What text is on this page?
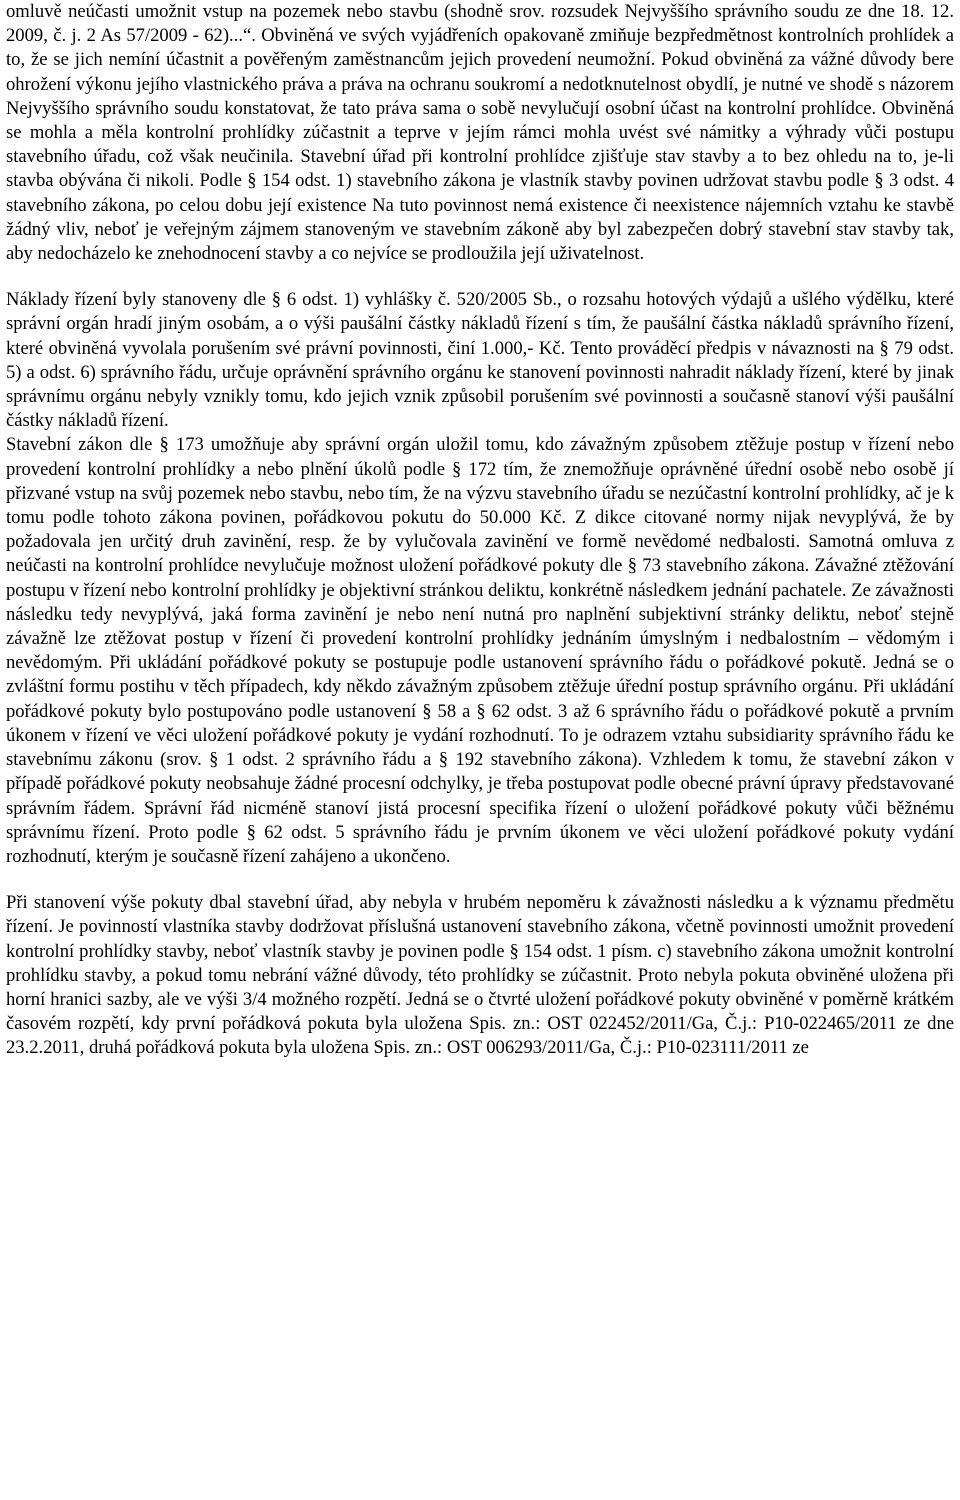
omluvě neúčasti umožnit vstup na pozemek nebo stavbu (shodně srov. rozsudek Nejvyššího správního soudu ze dne 18. 12. 2009, č. j. 2 As 57/2009 - 62)...“. Obviněná ve svých vyjádřeních opakovaně zmiňuje bezpředmětnost kontrolních prohlídek a to, že se jich nemíní účastnit a pověřeným zaměstnancům jejich provedení neumožní. Pokud obviněná za vážné důvody bere ohrožení výkonu jejího vlastnického práva a práva na ochranu soukromí a nedotknutelnost obydlí, je nutné ve shodě s názorem Nejvyššího správního soudu konstatovat, že tato práva sama o sobě nevylučují osobní účast na kontrolní prohlídce. Obviněná se mohla a měla kontrolní prohlídky zúčastnit a teprve v jejím rámci mohla uvést své námitky a výhrady vůči postupu stavebního úřadu, což však neučinila. Stavební úřad při kontrolní prohlídce zjišťuje stav stavby a to bez ohledu na to, je-li stavba obývána či nikoli. Podle § 154 odst. 1) stavebního zákona je vlastník stavby povinen udržovat stavbu podle § 3 odst. 4 stavebního zákona, po celou dobu její existence Na tuto povinnost nemá existence či neexistence nájemních vztahu ke stavbě žádný vliv, neboť je veřejným zájmem stanoveným ve stavebním zákoně aby byl zabezpečen dobrý stavební stav stavby tak, aby nedocházelo ke znehodnocení stavby a co nejvíce se prodloužila její uživatelnost.

Náklady řízení byly stanoveny dle § 6 odst. 1) vyhlášky č. 520/2005 Sb., o rozsahu hotových výdajů a ušlého výdělku, které správní orgán hradí jiným osobám, a o výši paušální částky nákladů řízení s tím, že paušální částka nákladů správního řízení, které obviněná vyvolala porušením své právní povinnosti, činí 1.000,- Kč. Tento prováděcí předpis v návaznosti na § 79 odst. 5) a odst. 6) správního řádu, určuje oprávnění správního orgánu ke stanovení povinnosti nahradit náklady řízení, které by jinak správnímu orgánu nebyly vznikly tomu, kdo jejich vznik způsobil porušením své povinnosti a současně stanoví výši paušální částky nákladů řízení.

Stavební zákon dle § 173 umožňuje aby správní orgán uložil tomu, kdo závažným způsobem ztěžuje postup v řízení nebo provedení kontrolní prohlídky a nebo plnění úkolů podle § 172 tím, že znemožňuje oprávněné úřední osobě nebo osobě jí přizvané vstup na svůj pozemek nebo stavbu, nebo tím, že na výzvu stavebního úřadu se nezúčastní kontrolní prohlídky, ač je k tomu podle tohoto zákona povinen, pořádkovou pokutu do 50.000 Kč. Z dikce citované normy nijak nevyplývá, že by požadovala jen určitý druh zavinění, resp. že by vylučovala zavinění ve formě nevědomé nedbalosti. Samotná omluva z neúčasti na kontrolní prohlídce nevylučuje možnost uložení pořádkové pokuty dle § 73 stavebního zákona. Závažné ztěžování postupu v řízení nebo kontrolní prohlídky je objektivní stránkou deliktu, konkrétně následkem jednání pachatele. Ze závažnosti následku tedy nevyplývá, jaká forma zavinění je nebo není nutná pro naplnění subjektivní stránky deliktu, neboť stejně závažně lze ztěžovat postup v řízení či provedení kontrolní prohlídky jednáním úmyslným i nedbalostním – vědomým i nevědomým. Při ukládání pořádkové pokuty se postupuje podle ustanovení správního řádu o pořádkové pokutě. Jedná se o zvláštní formu postihu v těch případech, kdy někdo závažným způsobem ztěžuje úřední postup správního orgánu. Při ukládání pořádkové pokuty bylo postupováno podle ustanovení § 58 a § 62 odst. 3 až 6 správního řádu o pořádkové pokutě a prvním úkonem v řízení ve věci uložení pořádkové pokuty je vydání rozhodnutí. To je odrazem vztahu subsidiarity správního řádu ke stavebnímu zákonu (srov. § 1 odst. 2 správního řádu a § 192 stavebního zákona). Vzhledem k tomu, že stavební zákon v případě pořádkové pokuty neobsahuje žádné procesní odchylky, je třeba postupovat podle obecné právní úpravy představované správním řádem. Správní řád nicméně stanoví jistá procesní specifika řízení o uložení pořádkové pokuty vůči běžnému správnímu řízení. Proto podle § 62 odst. 5 správního řádu je prvním úkonem ve věci uložení pořádkové pokuty vydání rozhodnutí, kterým je současně řízení zahájeno a ukončeno.

Při stanovení výše pokuty dbal stavební úřad, aby nebyla v hrubém nepoměru k závažnosti následku a k významu předmětu řízení. Je povinností vlastníka stavby dodržovat příslušná ustanovení stavebního zákona, včetně povinnosti umožnit provedení kontrolní prohlídky stavby, neboť vlastník stavby je povinen podle § 154 odst. 1 písm. c) stavebního zákona umožnit kontrolní prohlídku stavby, a pokud tomu nebrání vážné důvody, této prohlídky se zúčastnit. Proto nebyla pokuta obviněné uložena při horní hranici sazby, ale ve výši 3/4 možného rozpětí. Jedná se o čtvrté uložení pořádkové pokuty obviněné v poměrně krátkém časovém rozpětí, kdy první pořádková pokuta byla uložena Spis. zn.: OST 022452/2011/Ga, Č.j.: P10-022465/2011 ze dne 23.2.2011, druhá pořádková pokuta byla uložena Spis. zn.: OST 006293/2011/Ga, Č.j.: P10-023111/2011 ze
